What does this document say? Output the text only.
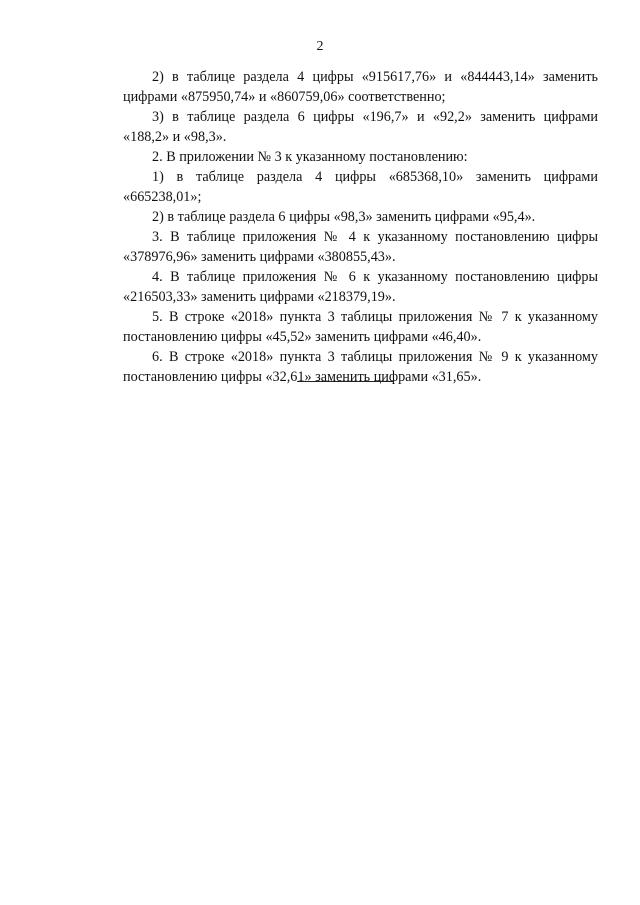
2

2) в таблице раздела 4 цифры «915617,76» и «844443,14» заменить цифрами «875950,74» и «860759,06» соответственно;

3) в таблице раздела 6 цифры «196,7» и «92,2» заменить цифрами «188,2» и «98,3».

2. В приложении № 3 к указанному постановлению:

1) в таблице раздела 4 цифры «685368,10» заменить цифрами «665238,01»;

2) в таблице раздела 6 цифры «98,3» заменить цифрами «95,4».

3. В таблице приложения № 4 к указанному постановлению цифры «378976,96» заменить цифрами «380855,43».

4. В таблице приложения № 6 к указанному постановлению цифры «216503,33» заменить цифрами «218379,19».

5. В строке «2018» пункта 3 таблицы приложения № 7 к указанному постановлению цифры «45,52» заменить цифрами «46,40».

6. В строке «2018» пункта 3 таблицы приложения № 9 к указанному постановлению цифры «32,61» заменить цифрами «31,65».
